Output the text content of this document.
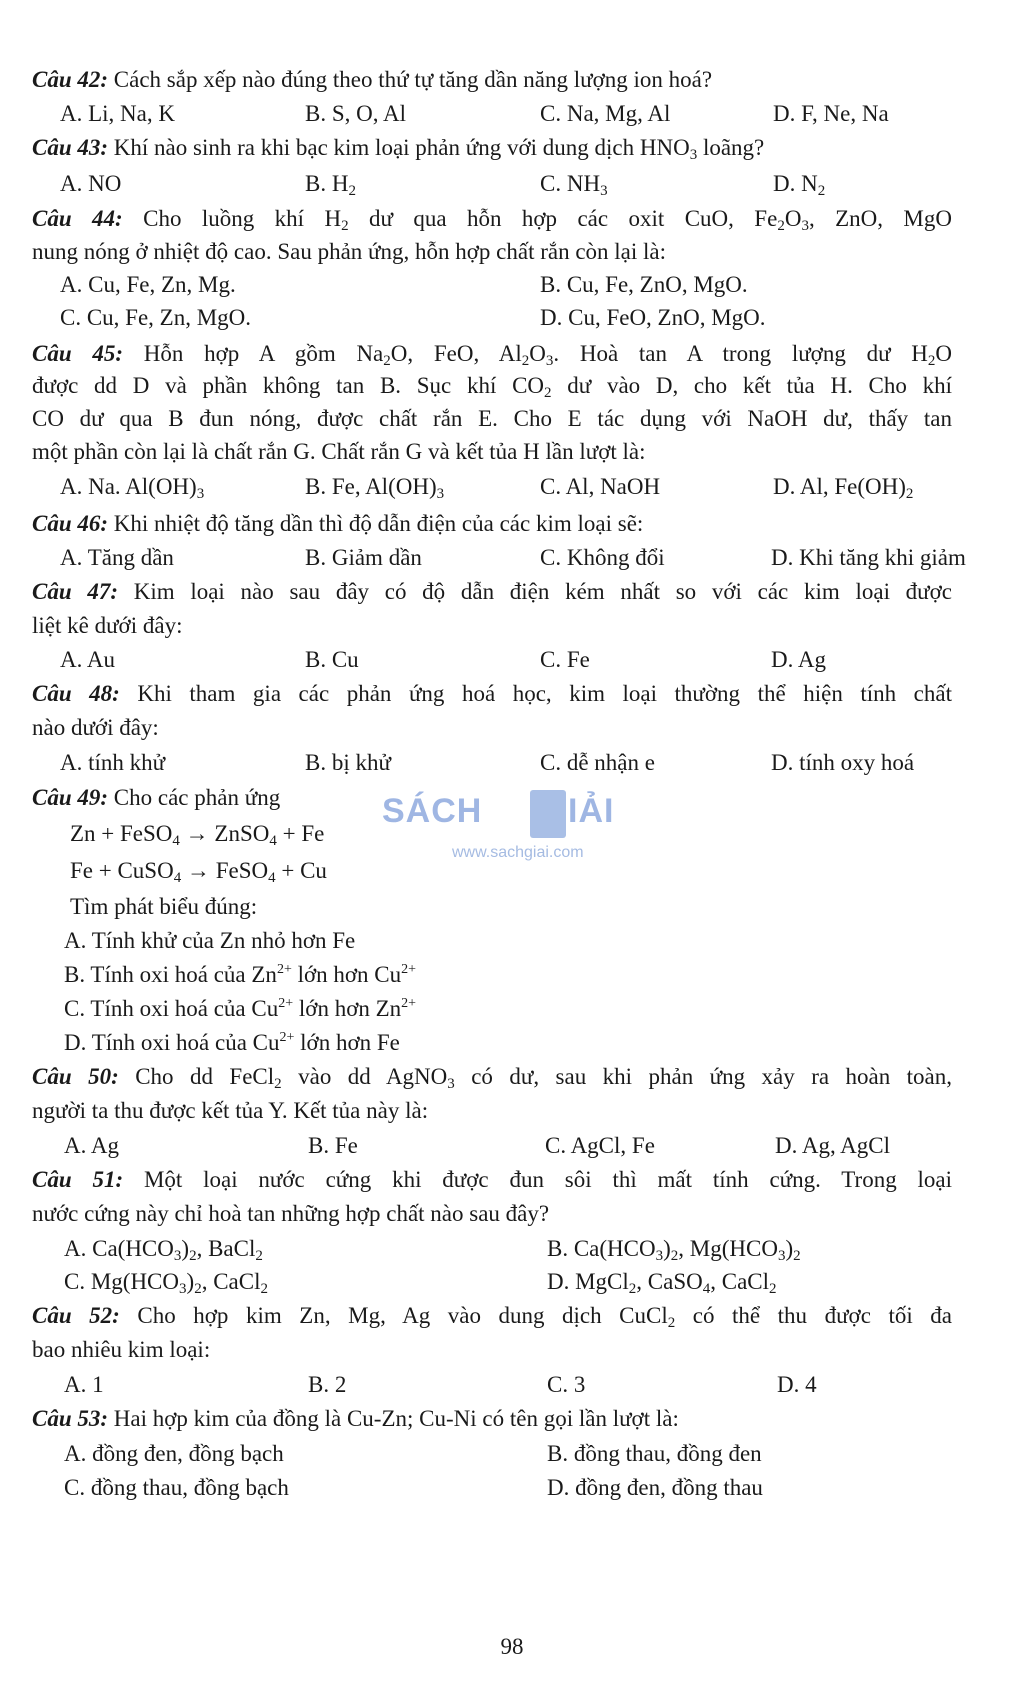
Câu 42: Cách sắp xếp nào đúng theo thứ tự tăng dần năng lượng ion hoá?
A. Li, Na, K	B. S, O, Al	C. Na, Mg, Al	D. F, Ne, Na
Câu 43: Khí nào sinh ra khi bạc kim loại phản ứng với dung dịch $HNO_3$ loãng?
A. NO	B. $H_2$	C. $NH_3$	D. $N_2$
Câu 44: Cho luồng khí $H_2$ dư qua hỗn hợp các oxit CuO, $Fe_2O_3$, ZnO, MgO
nung nóng ở nhiệt độ cao. Sau phản ứng, hỗn hợp chất rắn còn lại là:
A. Cu, Fe, Zn, Mg.	B. Cu, Fe, ZnO, MgO.
C. Cu, Fe, Zn, MgO.	D. Cu, FeO, ZnO, MgO.
Câu 45: Hỗn hợp A gồm $Na_2O$, FeO, $Al_2O_3$. Hoà tan A trong lượng dư $H_2O$
được dd D và phần không tan B. Sục khí $CO_2$ dư vào D, cho kết tủa H. Cho khí
CO dư qua B đun nóng, được chất rắn E. Cho E tác dụng với NaOH dư, thấy tan
một phần còn lại là chất rắn G. Chất rắn G và kết tủa H lần lượt là:
A. Na. $Al(OH)_3$	B. Fe, $Al(OH)_3$	C. Al, NaOH	D. Al, $Fe(OH)_2$
Câu 46: Khi nhiệt độ tăng dần thì độ dẫn điện của các kim loại sẽ:
A. Tăng dần	B. Giảm dần	C. Không đổi	D. Khi tăng khi giảm
Câu 47: Kim loại nào sau đây có độ dẫn điện kém nhất so với các kim loại được
liệt kê dưới đây:
A. Au	B. Cu	C. Fe	D. Ag
Câu 48: Khi tham gia các phản ứng hoá học, kim loại thường thể hiện tính chất
nào dưới đây:
A. tính khử	B. bị khử	C. dễ nhận e	D. tính oxy hoá
Câu 49: Cho các phản ứng
Zn + FeSO$_4$ → ZnSO$_4$ + Fe
Fe + CuSO$_4$ → FeSO$_4$ + Cu
Tìm phát biểu đúng:
A. Tính khử của Zn nhỏ hơn Fe
B. Tính oxi hoá của $Zn^{2+}$ lớn hơn $Cu^{2+}$
C. Tính oxi hoá của $Cu^{2+}$ lớn hơn $Zn^{2+}$
D. Tính oxi hoá của $Cu^{2+}$ lớn hơn Fe
SÁCH	IẢI
www.sachgiai.com
Câu 50: Cho dd FeCl$_2$ vào dd AgNO$_3$ có dư, sau khi phản ứng xảy ra hoàn toàn,
người ta thu được kết tủa Y. Kết tủa này là:
A. Ag	B. Fe	C. AgCl, Fe	D. Ag, AgCl
Câu 51: Một loại nước cứng khi được đun sôi thì mất tính cứng. Trong loại
nước cứng này chỉ hoà tan những hợp chất nào sau đây?
A. $Ca(HCO_3)_2$, BaCl$_2$	B. $Ca(HCO_3)_2$, $Mg(HCO_3)_2$
C. $Mg(HCO_3)_2$, CaCl$_2$	D. MgCl$_2$, CaSO$_4$, CaCl$_2$
Câu 52: Cho hợp kim Zn, Mg, Ag vào dung dịch CuCl$_2$ có thể thu được tối đa
bao nhiêu kim loại:
A. 1	B. 2	C. 3	D. 4
Câu 53: Hai hợp kim của đồng là Cu-Zn; Cu-Ni có tên gọi lần lượt là:
A. đồng đen, đồng bạch	B. đồng thau, đồng đen
C. đồng thau, đồng bạch	D. đồng đen, đồng thau
98
